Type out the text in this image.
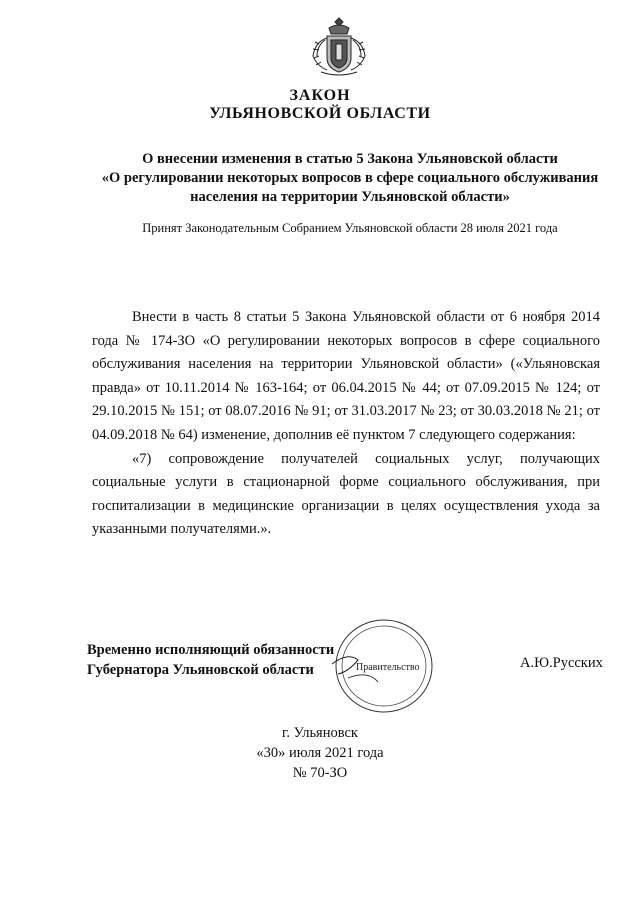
ЗАКОН
УЛЬЯНОВСКОЙ ОБЛАСТИ
О внесении изменения в статью 5 Закона Ульяновской области
«О регулировании некоторых вопросов в сфере социального обслуживания
населения на территории Ульяновской области»
Принят Законодательным Собранием Ульяновской области 28 июля 2021 года

Внести в часть 8 статьи 5 Закона Ульяновской области от 6 ноября 2014 года № 174-ЗО «О регулировании некоторых вопросов в сфере социального обслуживания населения на территории Ульяновской области» («Ульяновская правда» от 10.11.2014 № 163-164; от 06.04.2015 № 44; от 07.09.2015 № 124; от 29.10.2015 № 151; от 08.07.2016 № 91; от 31.03.2017 № 23; от 30.03.2018 № 21; от 04.09.2018 № 64) изменение, дополнив её пунктом 7 следующего содержания:

«7) сопровождение получателей социальных услуг, получающих социальные услуги в стационарной форме социального обслуживания, при госпитализации в медицинские организации в целях осуществления ухода за указанными получателями.».

Временно исполняющий обязанности
Губернатора Ульяновской области	Правительство	А.Ю.Русских
г. Ульяновск
«30» июля 2021 года
№ 70-ЗО
